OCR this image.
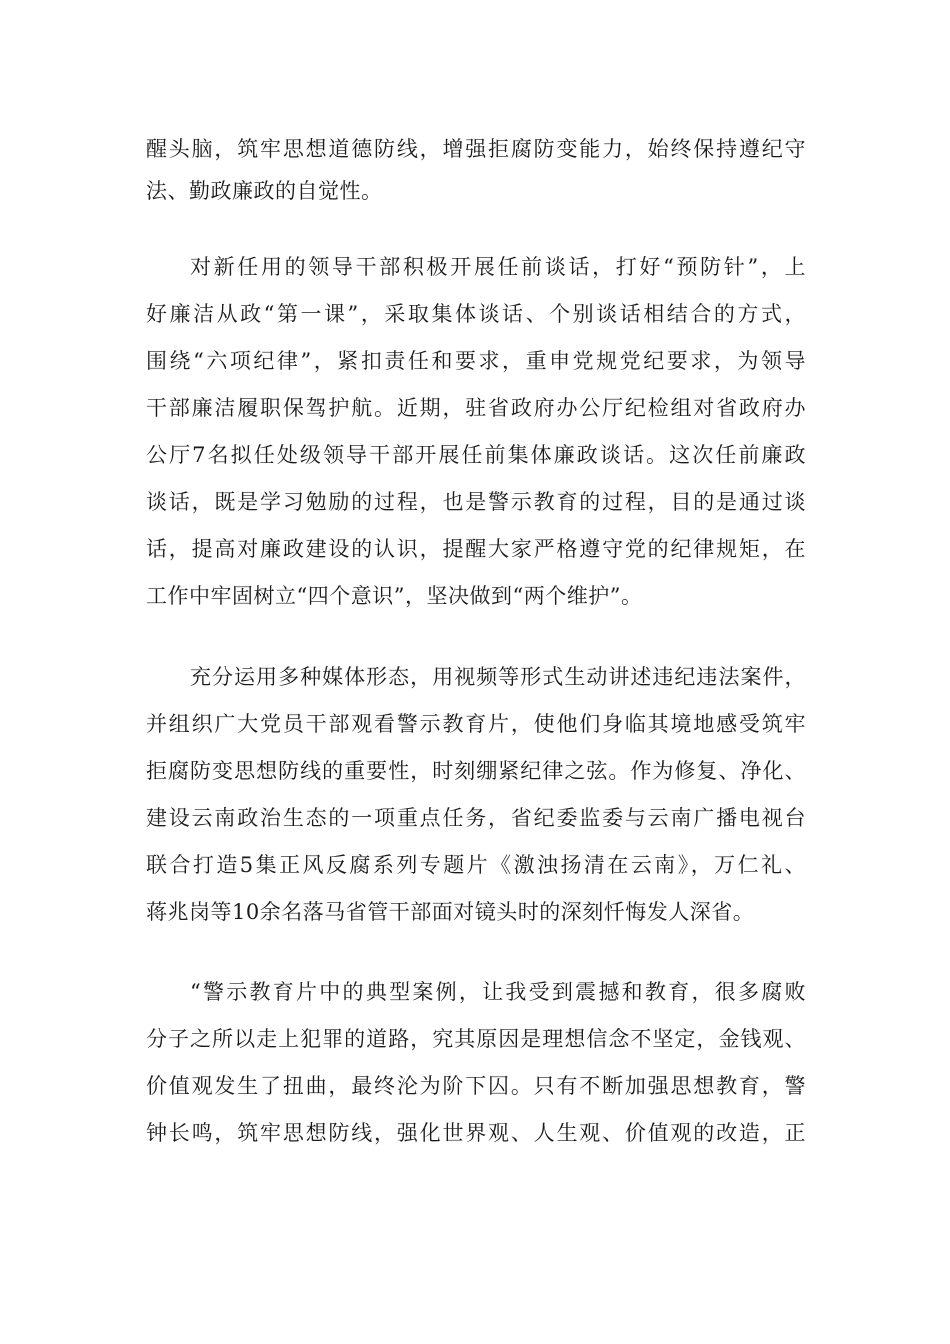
醒头脑，筑牢思想道德防线，增强拒腐防变能力，始终保持遵纪守
法、勤政廉政的自觉性。
对新任用的领导干部积极开展任前谈话，打好“预防针”，上
好廉洁从政“第一课”，采取集体谈话、个别谈话相结合的方式，
围绕“六项纪律”，紧扣责任和要求，重申党规党纪要求，为领导
干部廉洁履职保驾护航。近期，驻省政府办公厅纪检组对省政府办
公厅7名拟任处级领导干部开展任前集体廉政谈话。这次任前廉政
谈话，既是学习勉励的过程，也是警示教育的过程，目的是通过谈
话，提高对廉政建设的认识，提醒大家严格遵守党的纪律规矩，在
工作中牢固树立“四个意识”，坚决做到“两个维护”。
充分运用多种媒体形态，用视频等形式生动讲述违纪违法案件，
并组织广大党员干部观看警示教育片，使他们身临其境地感受筑牢
拒腐防变思想防线的重要性，时刻绷紧纪律之弦。作为修复、净化、
建设云南政治生态的一项重点任务，省纪委监委与云南广播电视台
联合打造5集正风反腐系列专题片《激浊扬清在云南》，万仁礼、
蒋兆岗等10余名落马省管干部面对镜头时的深刻忏悔发人深省。
“警示教育片中的典型案例，让我受到震撼和教育，很多腐败
分子之所以走上犯罪的道路，究其原因是理想信念不坚定，金钱观、
价值观发生了扭曲，最终沦为阶下囚。只有不断加强思想教育，警
钟长鸣，筑牢思想防线，强化世界观、人生观、价值观的改造，正
